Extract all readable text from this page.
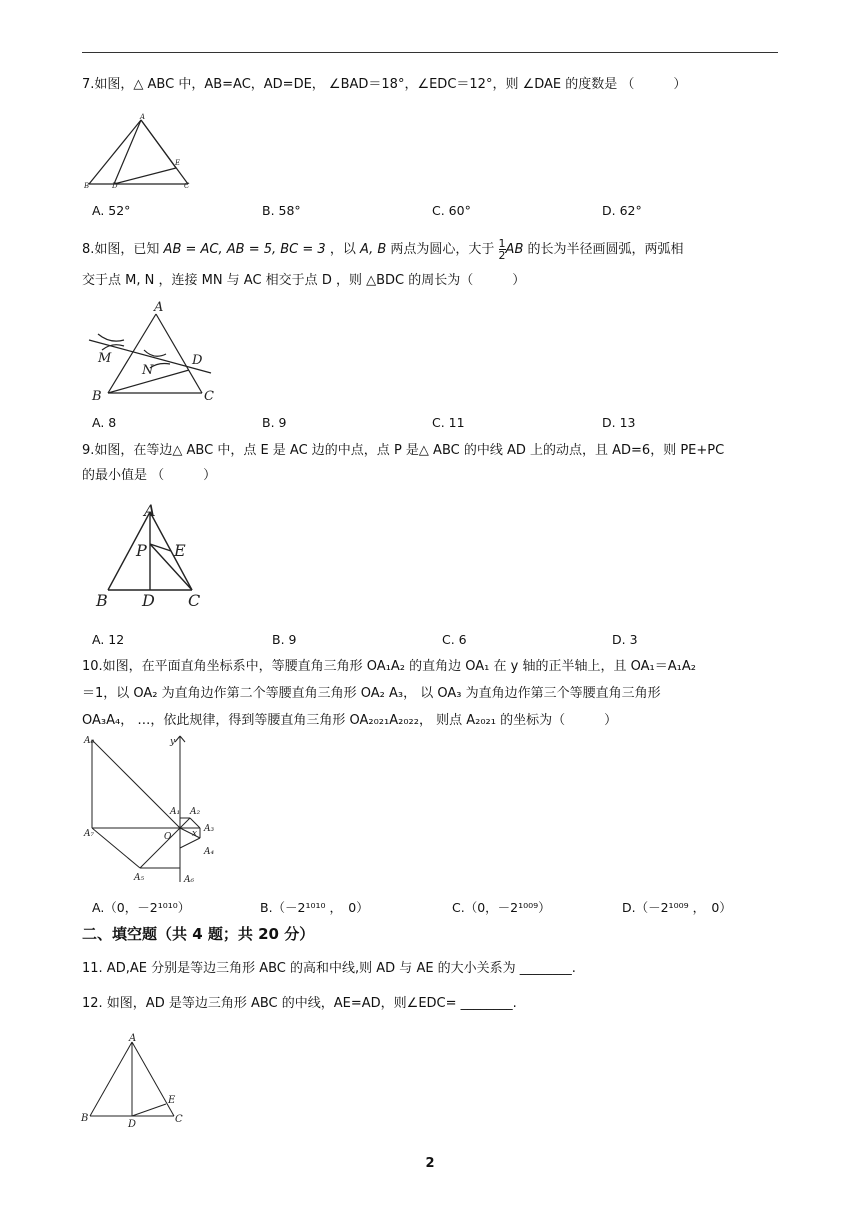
7.如图，△ ABC 中，AB=AC，AD=DE， ∠BAD＝18°，∠EDC＝12°，则 ∠DAE 的度数是 （　　　）
A
B	D	C
E
A. 52°	B. 58°	C. 60°	D. 62°
8.如图，已知 AB = AC, AB = 5, BC = 3 ，以 A, B 两点为圆心，大于 $\frac{1}{2}$ AB 的长为半径画圆弧，两弧相
交于点 M, N ，连接 MN 与 AC 相交于点 D ，则 △BDC 的周长为（　　　）
A
B	C
D
M
N
A. 8	B. 9	C. 11	D. 13
9.如图，在等边△ ABC 中，点 E 是 AC 边的中点，点 P 是△ ABC 的中线 AD 上的动点，且 AD=6，则 PE+PC
的最小值是 （　　　）
A
B D C
P E
A. 12	B. 9	C. 6	D. 3
10.如图，在平面直角坐标系中，等腰直角三角形 OA₁A₂ 的直角边 OA₁ 在 y 轴的正半轴上，且 OA₁＝A₁A₂
＝1，以 OA₂ 为直角边作第二个等腰直角三角形 OA₂ A₃， 以 OA₃ 为直角边作第三个等腰直角三角形
OA₃A₄， …，依此规律，得到等腰直角三角形 OA₂₀₂₁A₂₀₂₂， 则点 A₂₀₂₁ 的坐标为（　　　）
A₈
A₇
A₆
A₅
A₄
A₃
A₂
A₁
O
y
x
A.（0，－2¹⁰¹⁰）	B.（－2¹⁰¹⁰ ，　0）	C.（0，－2¹⁰⁰⁹）	D.（－2¹⁰⁰⁹ ，　0）
二、填空题（共 4 题；共 20 分）
11. AD,AE 分别是等边三角形 ABC 的高和中线,则 AD 与 AE 的大小关系为 ________.
12. 如图，AD 是等边三角形 ABC 的中线，AE=AD，则∠EDC= ________.
A
B
D	C
E
2
